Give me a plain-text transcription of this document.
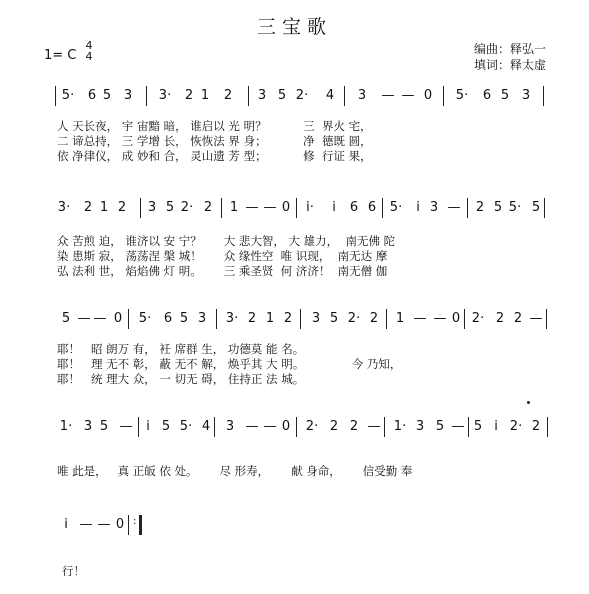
三宝歌
编曲：释弘一
填词：释太虚
1= C
4
4
5· 6 5 3 3· 2 1 2 3 5 2· 4 3 — — 0 5· 6 5 3
人 天长夜， 宇 宙黯 暗， 谁启以 光 明？          三  界火 宅，
二 谛总持， 三 学增 长， 恢恢法 界 身；          净  德既 圆，
依 净律仪， 成 妙和 合， 灵山遗 芳 型；          修  行证 果，
3· 2 1 2 3 5 2· 2 1 — — 0 i· i 6 6 5· i 3 — 2 5 5· 5
众 苦煎 迫， 谁济以 安 宁？      大 悲大智， 大 雄力，  南无佛 陀
染 患斯 寂， 荡荡涅 槃 城！      众 缘性空  唯 识现，  南无达 摩
弘 法利 世， 焰焰佛 灯 明。      三 乘圣贤  何 济济！  南无僧 伽
5 — — 0 5· 6 5 3 3· 2 1 2 3 5 2· 2 1 — — 0 2· 2 2 —
耶！   昭 朗万 有， 衽 席群 生， 功德莫 能 名。
耶！   理 无不 彰， 蔽 无不 解， 焕乎其 大 明。             今 乃知，
耶！   统 理大 众， 一 切无 碍， 住持正 法 城。
1· 3 5 — i 5 5· 4 3 — — 0 2· 2 2 — 1· 3 5 — 5 i 2· 2
唯 此是，   真 正皈 依 处。      尽 形寿，      献 身命，      信受勤 奉
i — — 0 :
行！
